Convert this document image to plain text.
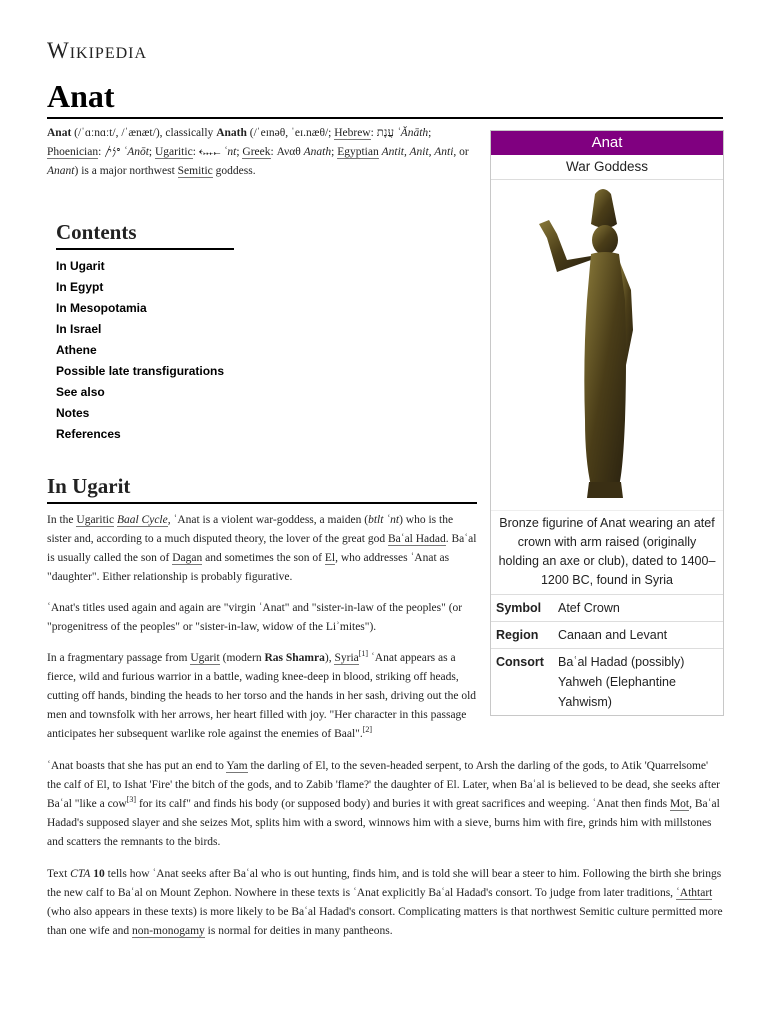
Wikipedia
Anat

Anat (/ˈɑːnɑːt/, /ˈænæt/), classically Anath (/ˈeɪnəθ, ˈeɪ.næθ/; Hebrew: עֲנָת ʿĂnāth; Phoenician: 𐤏𐤍𐤕 ʿAnōt; Ugaritic: 𐎓𐎐𐎚 ʿnt; Greek: Αναθ Anath; Egyptian Antit, Anit, Anti, or Anant) is a major northwest Semitic goddess.

Anat
War Goddess
Bronze figurine of Anat wearing an atef crown with arm raised (originally holding an axe or club), dated to 1400–1200 BC, found in Syria
Symbol	Atef Crown
Region	Canaan and Levant
Consort	Baʿal Hadad (possibly) Yahweh (Elephantine Yahwism)
Contents
In Ugarit
In Egypt
In Mesopotamia
In Israel
Athene
Possible late transfigurations
See also
Notes
References
In Ugarit

In the Ugaritic Baal Cycle, ʿAnat is a violent war-goddess, a maiden (btlt ʿnt) who is the sister and, according to a much disputed theory, the lover of the great god Baʿal Hadad. Baʿal is usually called the son of Dagan and sometimes the son of El, who addresses ʿAnat as "daughter". Either relationship is probably figurative.

ʿAnat's titles used again and again are "virgin ʿAnat" and "sister-in-law of the peoples" (or "progenitress of the peoples" or "sister-in-law, widow of the Liʾmites").

In a fragmentary passage from Ugarit (modern Ras Shamra), Syria[1] ʿAnat appears as a fierce, wild and furious warrior in a battle, wading knee-deep in blood, striking off heads, cutting off hands, binding the heads to her torso and the hands in her sash, driving out the old men and townsfolk with her arrows, her heart filled with joy. "Her character in this passage anticipates her subsequent warlike role against the enemies of Baal".[2]

ʿAnat boasts that she has put an end to Yam the darling of El, to the seven-headed serpent, to Arsh the darling of the gods, to Atik 'Quarrelsome' the calf of El, to Ishat 'Fire' the bitch of the gods, and to Zabib 'flame?' the daughter of El. Later, when Baʿal is believed to be dead, she seeks after Baʿal "like a cow[3] for its calf" and finds his body (or supposed body) and buries it with great sacrifices and weeping. ʿAnat then finds Mot, Baʿal Hadad's supposed slayer and she seizes Mot, splits him with a sword, winnows him with a sieve, burns him with fire, grinds him with millstones and scatters the remnants to the birds.

Text CTA 10 tells how ʿAnat seeks after Baʿal who is out hunting, finds him, and is told she will bear a steer to him. Following the birth she brings the new calf to Baʿal on Mount Zephon. Nowhere in these texts is ʿAnat explicitly Baʿal Hadad's consort. To judge from later traditions, ʿAthtart (who also appears in these texts) is more likely to be Baʿal Hadad's consort. Complicating matters is that northwest Semitic culture permitted more than one wife and non-monogamy is normal for deities in many pantheons.
